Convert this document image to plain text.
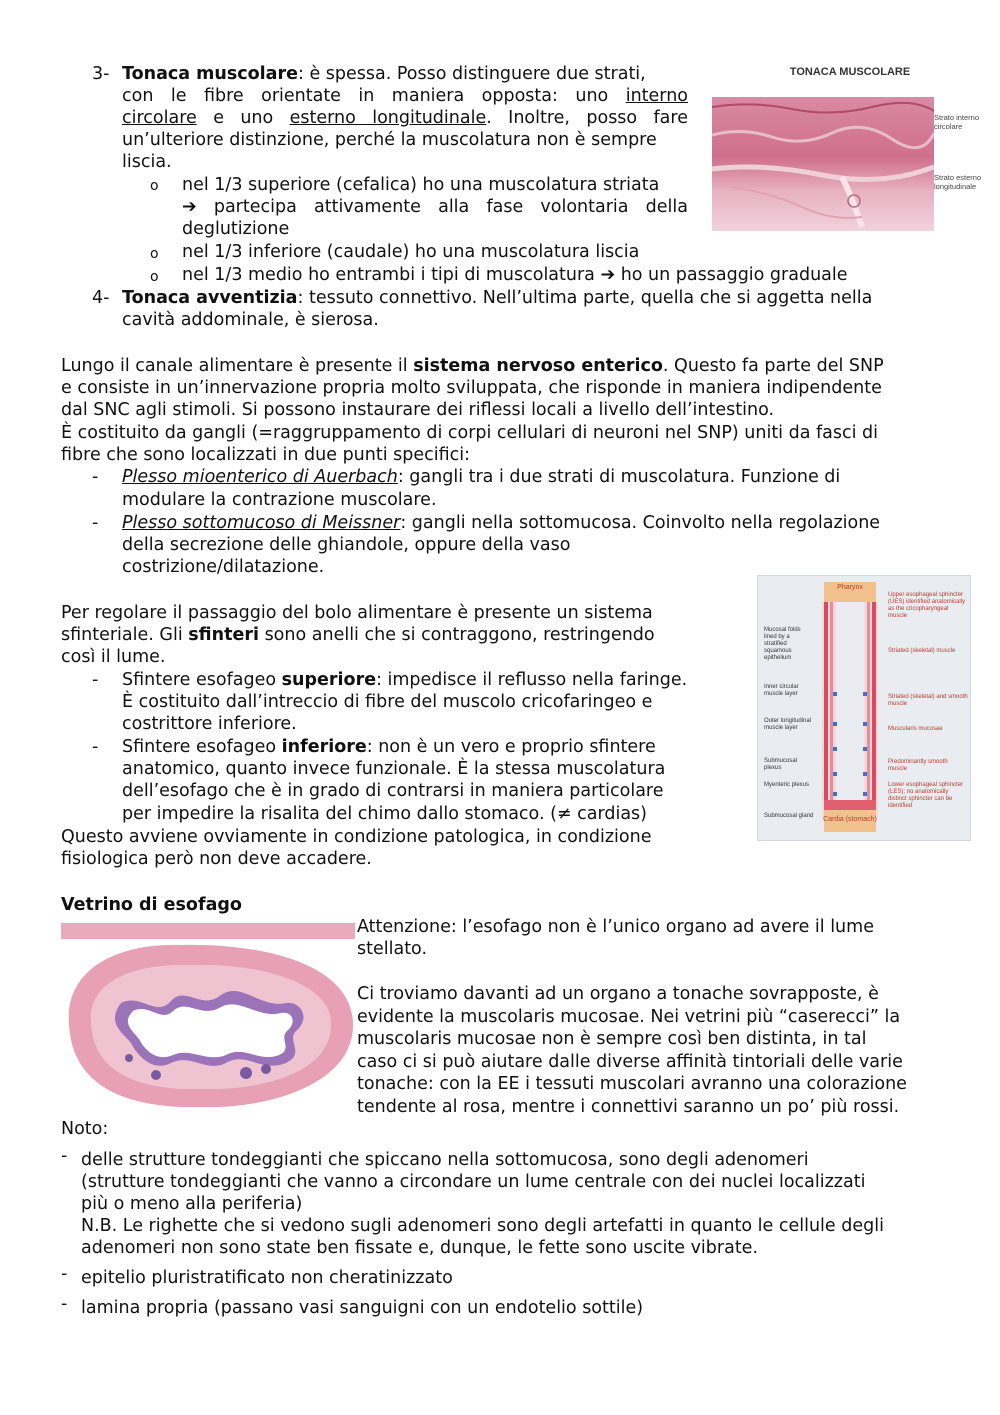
3- Tonaca muscolare: è spessa. Posso distinguere due strati,
con le fibre orientate in maniera opposta: uno interno
circolare e uno esterno longitudinale. Inoltre, posso fare
un’ulteriore distinzione, perché la muscolatura non è sempre
liscia.
o nel 1/3 superiore (cefalica) ho una muscolatura striata
➔ partecipa attivamente alla fase volontaria della
deglutizione
o nel 1/3 inferiore (caudale) ho una muscolatura liscia
o nel 1/3 medio ho entrambi i tipi di muscolatura ➔ ho un passaggio graduale
TONACA MUSCOLARE
Strato interno circolare
Strato esterno longitudinale
4- Tonaca avventizia: tessuto connettivo. Nell’ultima parte, quella che si aggetta nella
cavità addominale, è sierosa.
Lungo il canale alimentare è presente il sistema nervoso enterico. Questo fa parte del SNP
e consiste in un’innervazione propria molto sviluppata, che risponde in maniera indipendente
dal SNC agli stimoli. Si possono instaurare dei riflessi locali a livello dell’intestino.
È costituito da gangli (=raggruppamento di corpi cellulari di neuroni nel SNP) uniti da fasci di
fibre che sono localizzati in due punti specifici:
- Plesso mioenterico di Auerbach: gangli tra i due strati di muscolatura. Funzione di
modulare la contrazione muscolare.
- Plesso sottomucoso di Meissner: gangli nella sottomucosa. Coinvolto nella regolazione
della secrezione delle ghiandole, oppure della vaso
costrizione/dilatazione.
Per regolare il passaggio del bolo alimentare è presente un sistema
sfinteriale. Gli sfinteri sono anelli che si contraggono, restringendo
così il lume.
- Sfintere esofageo superiore: impedisce il reflusso nella faringe.
È costituito dall’intreccio di fibre del muscolo cricofaringeo e
costrittore inferiore.
- Sfintere esofageo inferiore: non è un vero e proprio sfintere
anatomico, quanto invece funzionale. È la stessa muscolatura
dell’esofago che è in grado di contrarsi in maniera particolare
per impedire la risalita del chimo dallo stomaco. (≠ cardias)
Questo avviene ovviamente in condizione patologica, in condizione
fisiologica però non deve accadere.
Pharynx
Cardia (stomach)
Mucosal folds lined by a stratified squamous epithelium
Inner circular muscle layer
Outer longitudinal muscle layer
Submucosal plexus
Myenteric plexus
Submucosal gland
Upper esophageal sphincter (UES) identified anatomically as the cricopharyngeal muscle
Striated (skeletal) muscle
Striated (skeletal) and smooth muscle
Muscularis mucosae
Predominantly smooth muscle
Lower esophageal sphincter (LES); no anatomically distinct sphincter can be identified
Vetrino di esofago
Attenzione: l’esofago non è l’unico organo ad avere il lume
stellato.
Ci troviamo davanti ad un organo a tonache sovrapposte, è
evidente la muscolaris mucosae. Nei vetrini più “caserecci” la
muscolaris mucosae non è sempre così ben distinta, in tal
caso ci si può aiutare dalle diverse affinità tintoriali delle varie
tonache: con la EE i tessuti muscolari avranno una colorazione
tendente al rosa, mentre i connettivi saranno un po’ più rossi.
Noto:
- delle strutture tondeggianti che spiccano nella sottomucosa, sono degli adenomeri
(strutture tondeggianti che vanno a circondare un lume centrale con dei nuclei localizzati
più o meno alla periferia)
N.B. Le righette che si vedono sugli adenomeri sono degli artefatti in quanto le cellule degli
adenomeri non sono state ben fissate e, dunque, le fette sono uscite vibrate.
- epitelio pluristratificato non cheratinizzato
- lamina propria (passano vasi sanguigni con un endotelio sottile)
